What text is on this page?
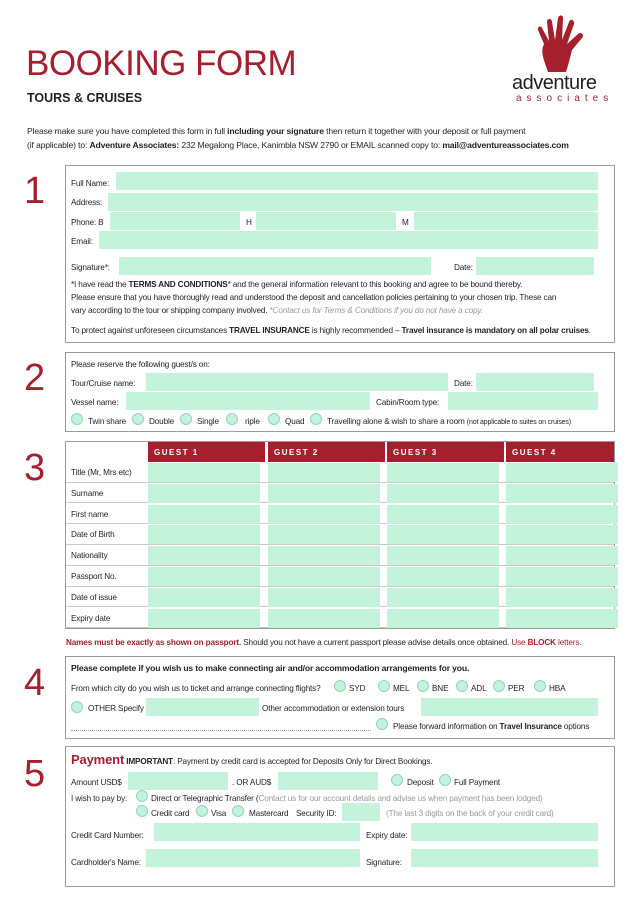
BOOKING FORM
TOURS & CRUISES
adventure
associates
Please make sure you have completed this form in full including your signature then return it together with your deposit or full payment
(if applicable) to: Adventure Associates: 232 Megalong Place, Kanimbla NSW 2790 or EMAIL scanned copy to: mail@adventureassociates.com
1	Full Name:
Address:
Phone: B	H	M
Email:
Signature*:	Date:
*I have read the TERMS AND CONDITIONS* and the general information relevant to this booking and agree to be bound thereby.
Please ensure that you have thoroughly read and understood the deposit and cancellation policies pertaining to your chosen trip. These can
vary according to the tour or shipping company involved. *Contact us for Terms & Conditions if you do not have a copy.
To protect against unforeseen circumstances TRAVEL INSURANCE is highly recommended – Travel insurance is mandatory on all polar cruises.
2	Please reserve the following guest/s on:
Tour/Cruise name:	Date:
Vessel name:	Cabin/Room type:
Twin share	Double	Single	riple	Quad	Travelling alone & wish to share a room (not applicable to suites on cruises)
3	GUEST 1	GUEST 2	GUEST 3	GUEST 4
Title (Mr, Mrs etc)
Surname
First name
Date of Birth
Nationality
Passport No.
Date of issue
Expiry date
Names must be exactly as shown on passport. Should you not have a current passport please advise details once obtained. Use BLOCK letters.
4	Please complete if you wish us to make connecting air and/or accommodation arrangements for you.
From which city do you wish us to ticket and arrange connecting flights?	SYD	MEL	BNE	ADL	PER	HBA
OTHER Specify	Other accommodation or extension tours
Please forward information on Travel Insurance options
5 Payment IMPORTANT: Payment by credit card is accepted for Deposits Only for Direct Bookings.
Amount USD$	. OR AUD$	Deposit Full Payment
I wish to pay by:	Direct or Telegraphic Transfer (Contact us for our account details and advise us when payment has been lodged)
Credit card	Visa	Mastercard Security ID:	(The last 3 digits on the back of your credit card)
Credit Card Number:	Expiry date:
Cardholder's Name:	Signature:
